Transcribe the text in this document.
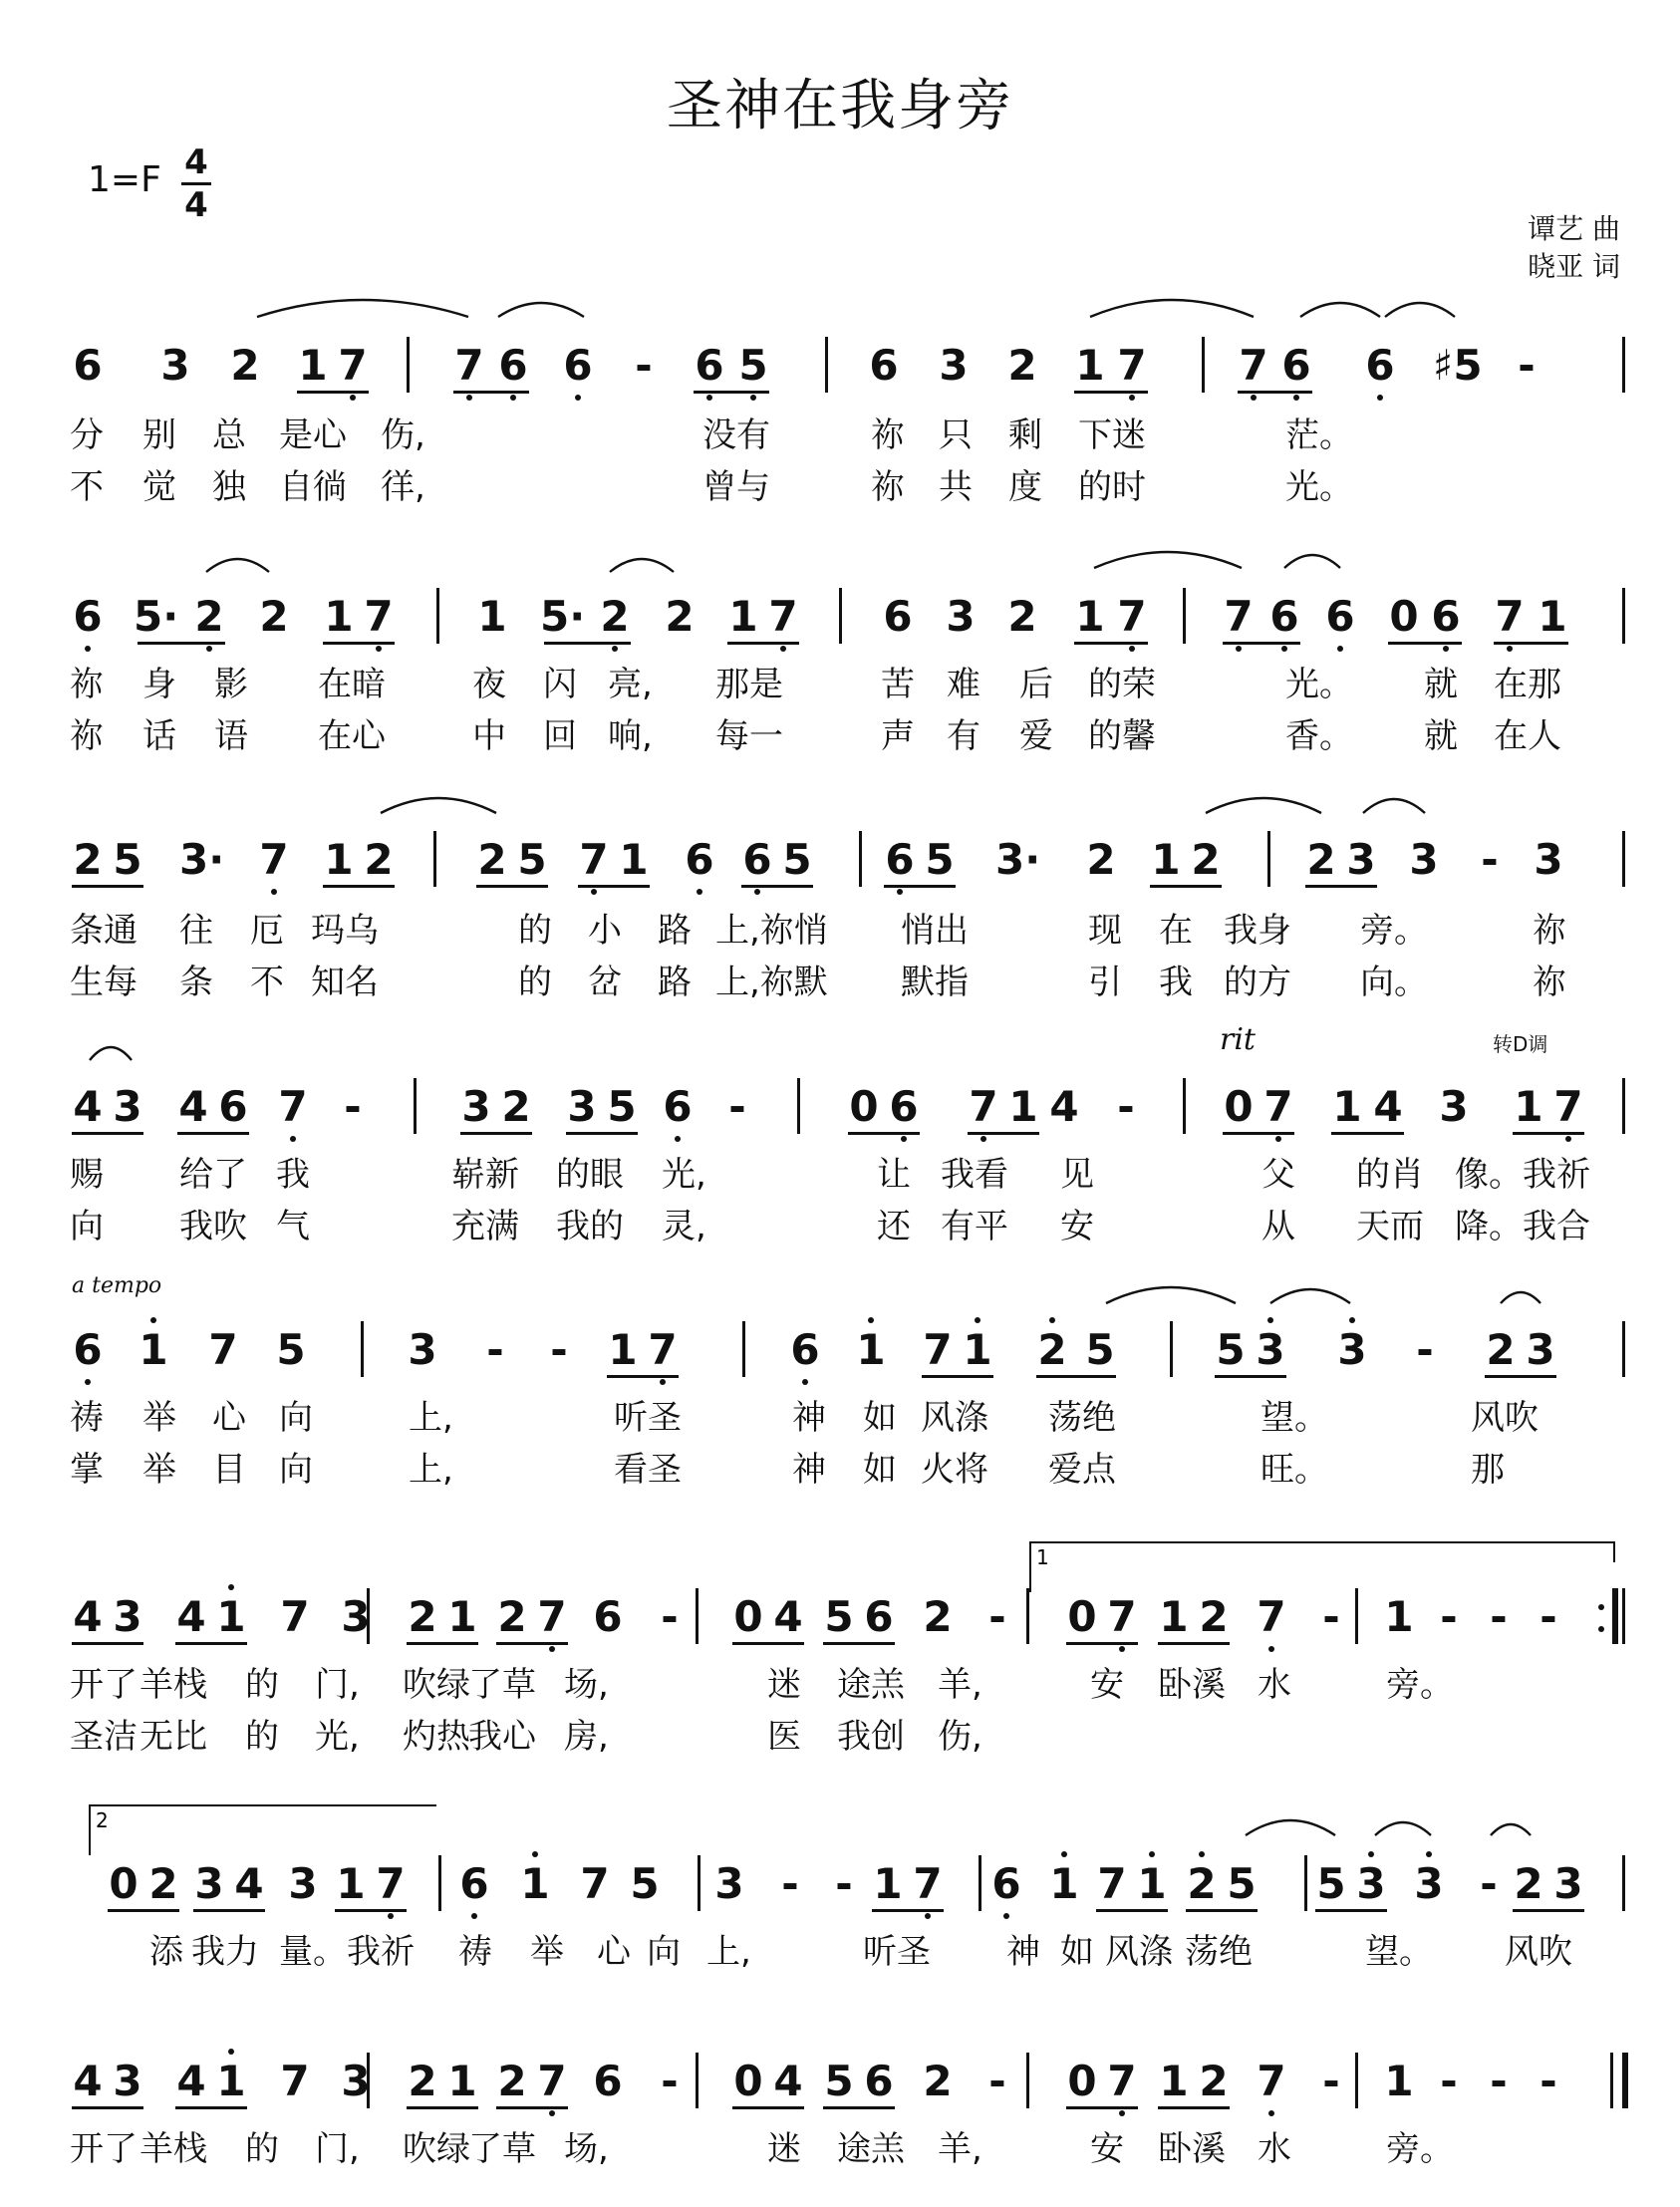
圣神在我身旁
1=F 4
4
谭艺 曲
晓亚 词
6 3 2 1 7 7 6 6 - 6 5 6 3 2 1 7 7 6 6 ♯5 -
分 别 总 是心 伤,	没有	祢 只 剩 下迷	茫。
不 觉 独 自徜 徉,	曾与	祢 共 度 的时	光。
6 5· 2 2 1 7 1 5· 2 2 1 7 6 3 2 1 7 7 6 6 0 6 7 1
祢 身 影 在暗	夜 闪 亮, 那是	苦 难 后 的荣	光。 就 在那
祢 话 语 在心	中 回 响, 每一	声 有 爱 的馨	香。 就 在人
2 5 3· 7 1 2 2 5 7 1 6 6 5 6 5 3· 2 1 2 2 3 3 - 3
条通 往 厄 玛乌	的 小 路 上,祢悄 悄出	现 在 我身 旁。	祢
生每 条 不 知名	的 岔 路 上,祢默 默指	引 我 的方 向。	祢
4 3 4 6 7 - 3 2 3 5 6 - 0 6 7 1 4 - 0 7 1 4 3 1 7
赐 给了 我	崭新 的眼 光,	让 我看 见	父 的肖 像。我祈
向 我吹 气	充满 我的 灵,	还 有平 安	从 天而 降。我合
6 1 7 5 3 - - 1 7	6 1 7 1 2 5 5 3 3 - 2 3
祷 举 心 向	上,	听圣	神 如 风涤 荡绝	望。	风吹
掌 举 目 向	上,	看圣	神 如 火将 爱点	旺。	那
4 3 4 1 7 3 2 1 2 7 6 - 0 4 5 6 2 - 0 7 1 2 7 - 1 - - -
开了 羊栈 的 门, 吹绿
了草 场,	迷 途羔 羊,	安 卧溪 水	旁。
圣洁 无比 的 光, 灼热
我心 房,	医 我创 伤,
0 2 3 4 3 1 7 6 1 7 5 3 - - 1 7 6 1 7 1 2 5 5 3 3 - 2 3
添 我力 量。我祈 祷 举 心 向 上,	听圣 神 如 风涤 荡绝	望。 风吹
4 3 4 1 7 3 2 1 2 7 6 - 0 4 5 6 2 - 0 7 1 2 7 - 1 - - -
开了 羊栈 的 门, 吹绿
了草 场,	迷 途羔 羊,	安 卧溪 水	旁。
rit
a tempo
转D调
1
2
